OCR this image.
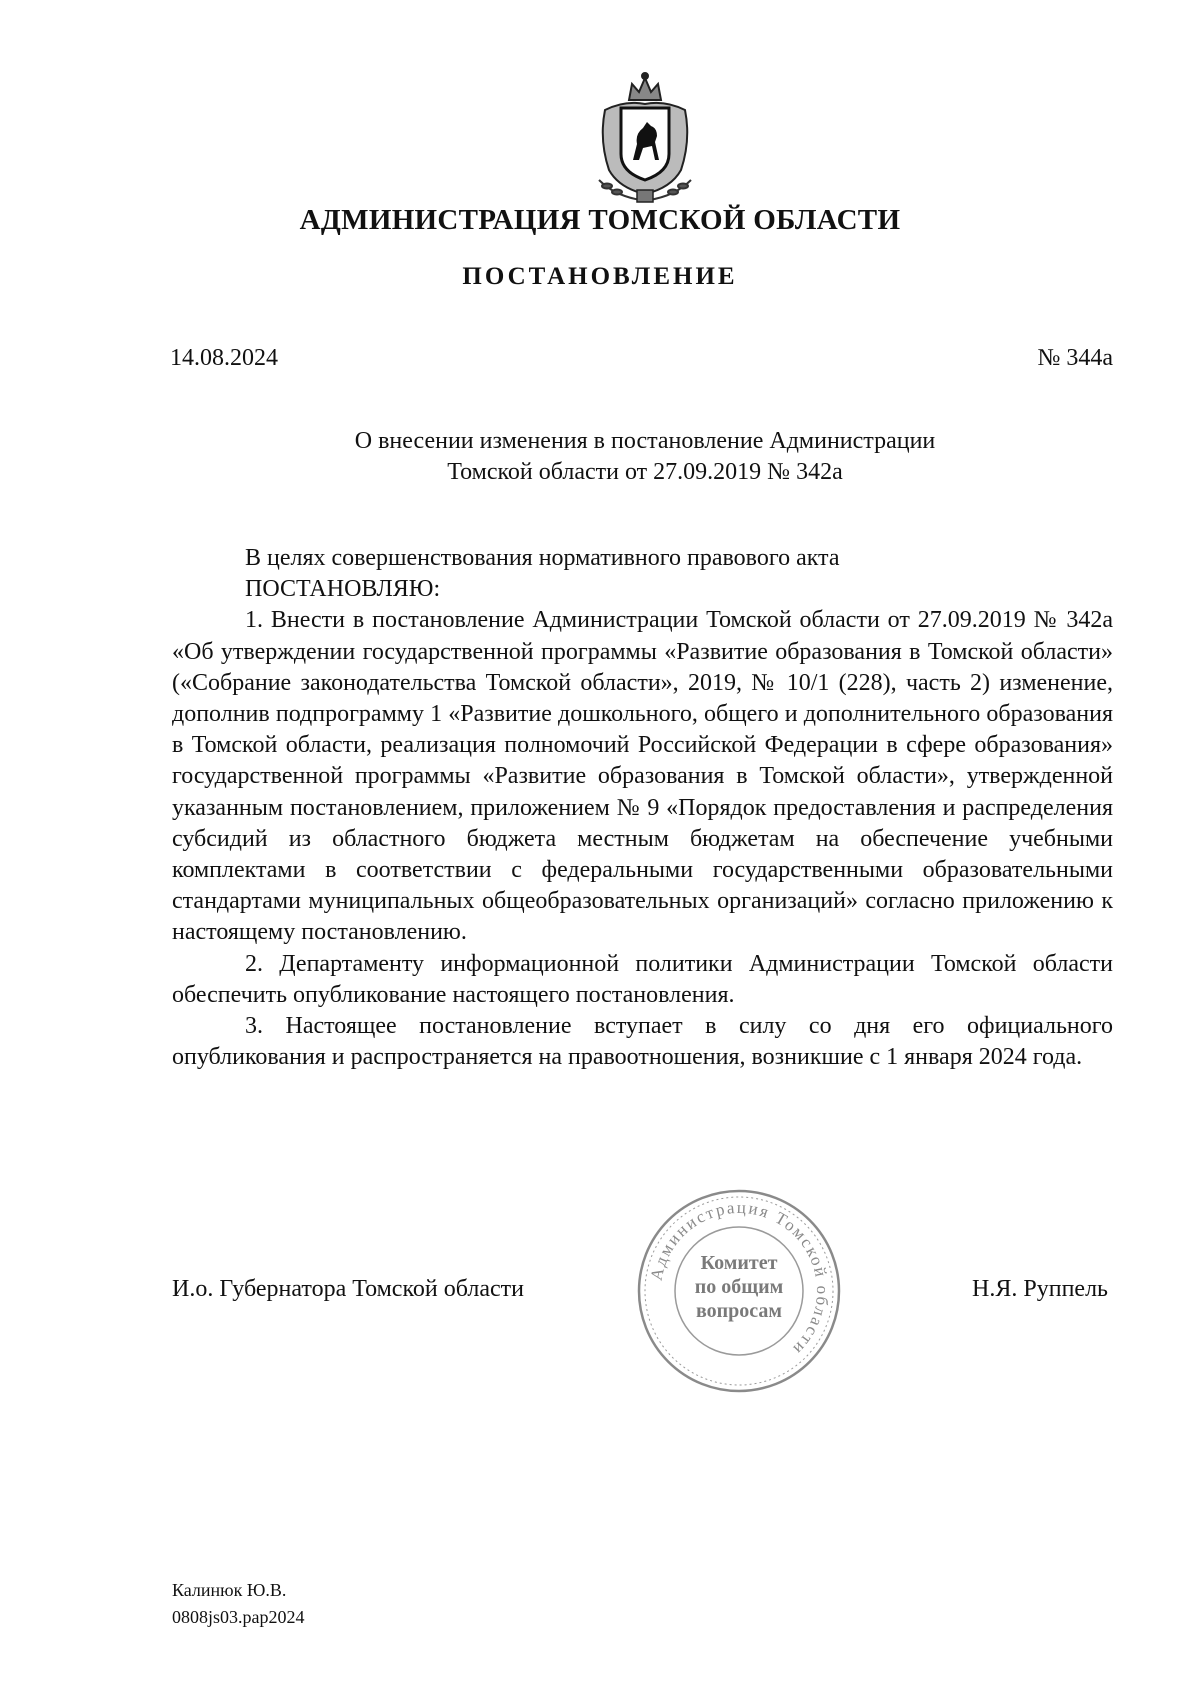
АДМИНИСТРАЦИЯ ТОМСКОЙ ОБЛАСТИ
ПОСТАНОВЛЕНИЕ
14.08.2024	№ 344а
О внесении изменения в постановление Администрации
Томской области от 27.09.2019 № 342а

В целях совершенствования нормативного правового акта

ПОСТАНОВЛЯЮ:

1. Внести в постановление Администрации Томской области от 27.09.2019 № 342а «Об утверждении государственной программы «Развитие образования в Томской области» («Собрание законодательства Томской области», 2019, № 10/1 (228), часть 2) изменение, дополнив подпрограмму 1 «Развитие дошкольного, общего и дополнительного образования в Томской области, реализация полномочий Российской Федерации в сфере образования» государственной программы «Развитие образования в Томской области», утвержденной указанным постановлением, приложением № 9 «Порядок предоставления и распределения субсидий из областного бюджета местным бюджетам на обеспечение учебными комплектами в соответствии с федеральными государственными образовательными стандартами муниципальных общеобразовательных организаций» согласно приложению к настоящему постановлению.

2. Департаменту информационной политики Администрации Томской области обеспечить опубликование настоящего постановления.

3. Настоящее постановление вступает в силу со дня его официального опубликования и распространяется на правоотношения, возникшие с 1 января 2024 года.

И.о. Губернатора Томской области	Н.Я. Руппель
Администрация Томской области
Комитет
по общим
вопросам
Калинюк Ю.В.
0808js03.pap2024
